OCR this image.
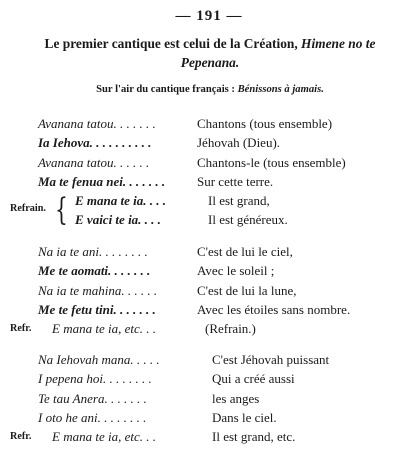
— 191 —
Le premier cantique est celui de la Création, Himene no te Pepenana.
Sur l'air du cantique français : Bénissons à jamais.
Avanana tatou. . . . . . .	Chantons (tous ensemble)
Ia Iehova. . . . . . . . . .	Jéhovah (Dieu).
Avanana tatou. . . . . .	Chantons-le (tous ensemble)
Ma te fenua nei. . . . . . . Sur cette terre.
Refrain. { E mana te ia. . . .	Il est grand,
E vaici te ia. . . .	Il est généreux.
Na ia te ani. . . . . . . .	C'est de lui le ciel,
Me te aomati. . . . . . .	Avec le soleil ;
Na ia te mahina. . . . . .	C'est de lui la lune,
Me te fetu tini. . . . . . .	Avec les étoiles sans nombre.
Refr. E mana te ia, etc. . .	(Refrain.)
Na Iehovah mana. . . . .	C'est Jéhovah puissant
I pepena hoi. . . . . . . .	Qui a créé aussi
Te tau Anera. . . . . . .	les anges
I oto he ani. . . . . . . .	Dans le ciel.
Refr. E mana te ia, etc. . .	Il est grand, etc.
